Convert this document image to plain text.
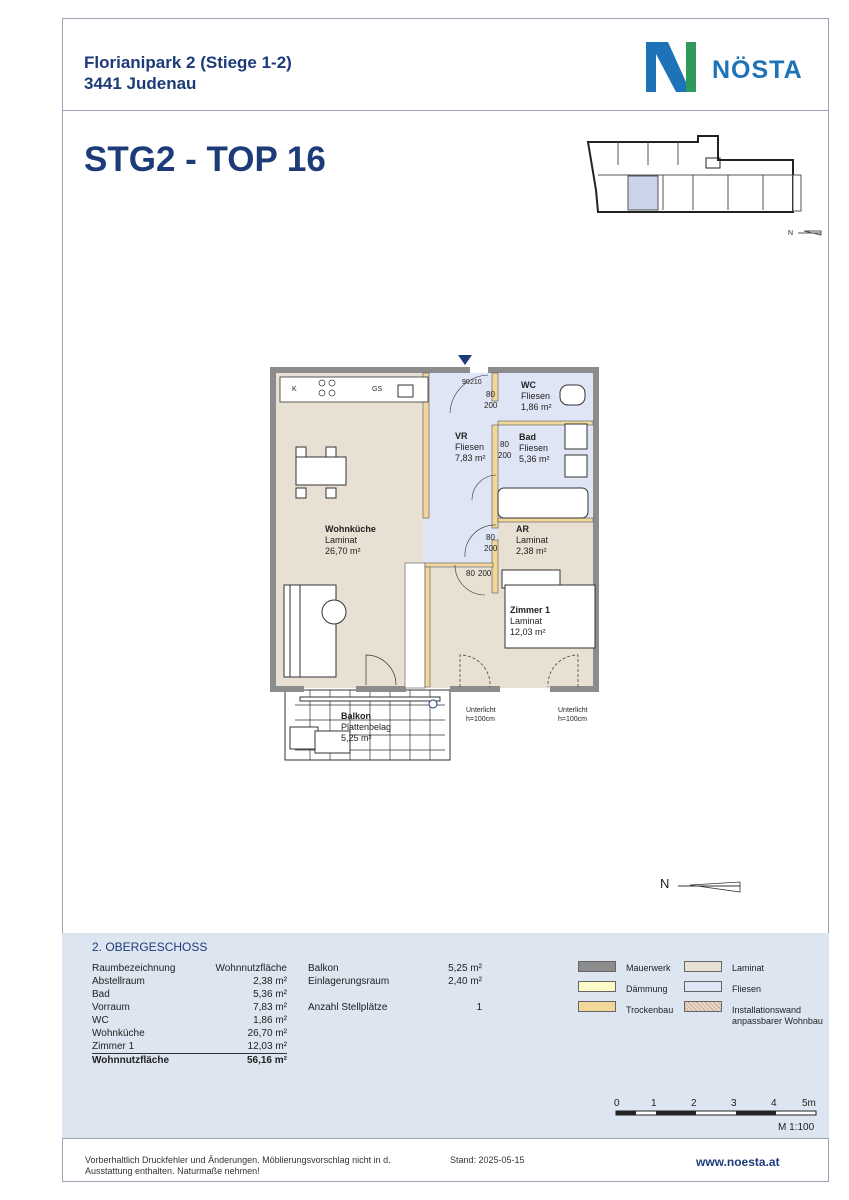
Florianipark 2 (Stiege 1-2)
3441 Judenau	NÖSTA
STG2 - TOP 16
N
K	GS
90 210
80
200
80
200
80
200
80 200
Wohnküche
Laminat
26,70 m²
VR
Fliesen
7,83 m²
WC
Fliesen
1,86 m²
Bad
Fliesen
5,36 m²
AR
Laminat
2,38 m²
Zimmer 1
Laminat
12,03 m²
Balkon
Plattenbelag
5,25 m²
Unterlicht
h=100cm
Unterlicht
h=100cm
N
2. OBERGESCHOSS
Raumbezeichnung	Wohnnutzfläche
Abstellraum	2,38 m²
Bad	5,36 m²
Vorraum	7,83 m²
WC	1,86 m²
Wohnküche	26,70 m²
Zimmer 1	12,03 m²
Wohnnutzfläche	56,16 m²
Balkon	5,25 m²
Einlagerungsraum	2,40 m²
Anzahl Stellplätze	1
Mauerwerk
Dämmung
Trockenbau
Laminat
Fliesen
Installationswand anpassbarer Wohnbau
0	1	2	3	4	5m
M 1:100
Vorberhaltlich Druckfehler und Änderungen. Möblierungsvorschlag nicht in d. Ausstattung enthalten. Naturmaße nehmen!
Stand: 2025-05-15	www.noesta.at
